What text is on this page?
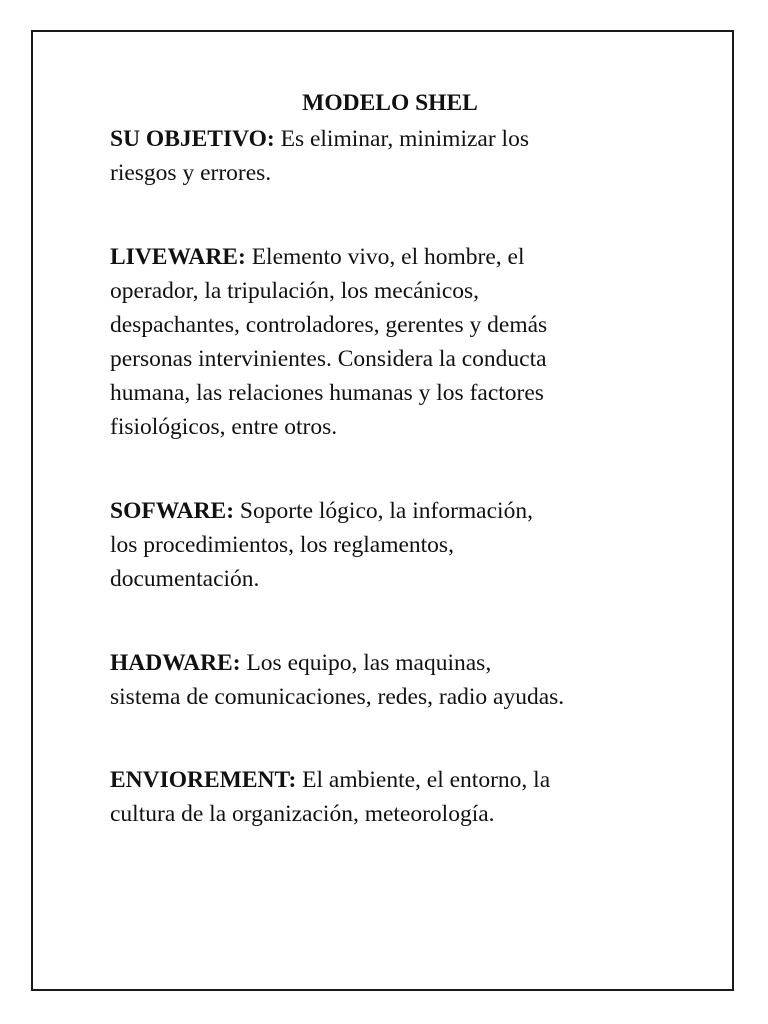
MODELO SHEL
SU OBJETIVO: Es eliminar, minimizar los
riesgos y errores.
LIVEWARE: Elemento vivo, el hombre, el
operador, la tripulación, los mecánicos,
despachantes, controladores, gerentes y demás
personas intervinientes. Considera la conducta
humana, las relaciones humanas y los factores
fisiológicos, entre otros.
SOFWARE: Soporte lógico, la información,
los procedimientos, los reglamentos,
documentación.
HADWARE: Los equipo, las maquinas,
sistema de comunicaciones, redes, radio ayudas.
ENVIOREMENT: El ambiente, el entorno, la
cultura de la organización, meteorología.
